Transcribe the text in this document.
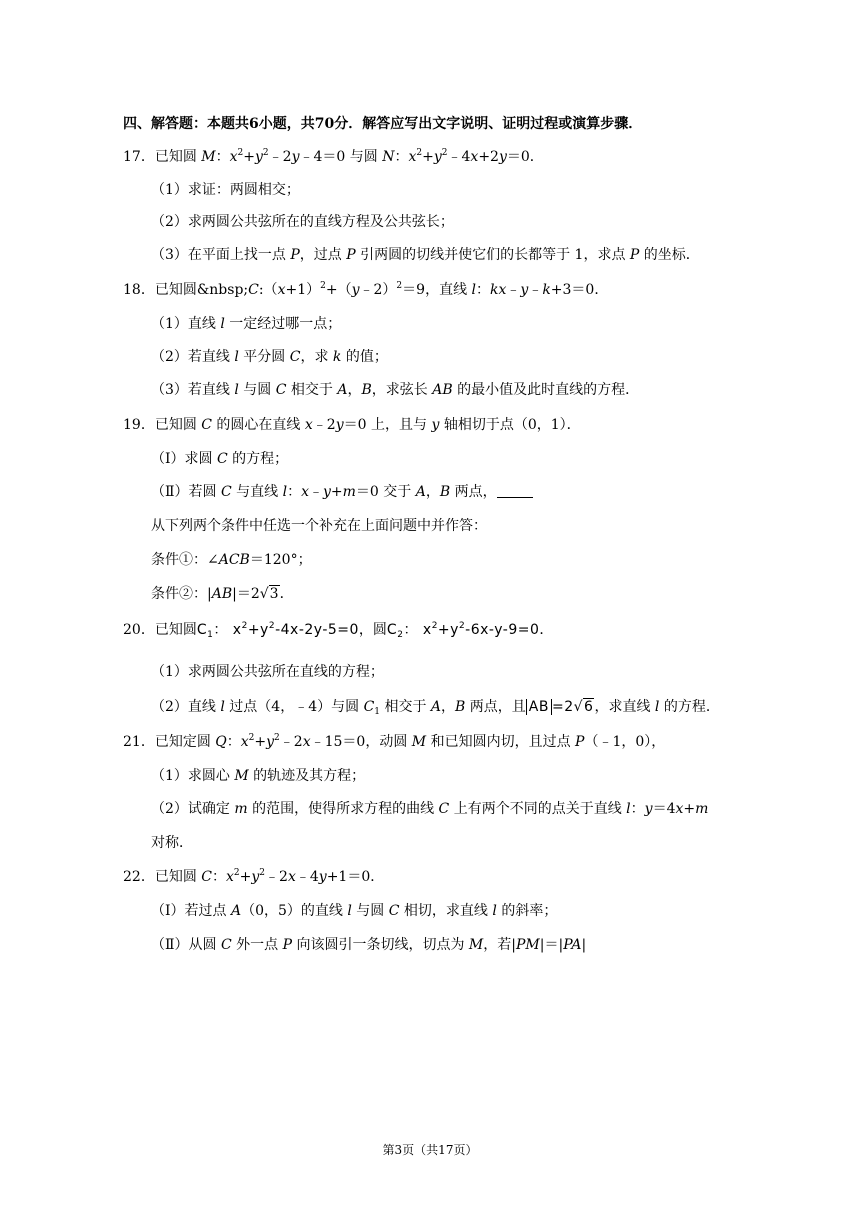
四、解答题：本题共6小题，共70分．解答应写出文字说明、证明过程或演算步骤．
17．已知圆 M：$x^2+y^2﹣2y﹣4=0$ 与圆 N：$x^2+y^2﹣4x+2y=0$．
（1）求证：两圆相交；
（2）求两圆公共弦所在的直线方程及公共弦长；
（3）在平面上找一点 P，过点 P 引两圆的切线并使它们的长都等于 1，求点 P 的坐标．
18．已知圆$\&nbsp;C:(x+1)^2+(y﹣2)^2=9$，直线 l：kx﹣y﹣k+3＝0．
（1）直线 l 一定经过哪一点；
（2）若直线 l 平分圆 C，求 k 的值；
（3）若直线 l 与圆 C 相交于 A，B，求弦长 AB 的最小值及此时直线的方程．
19．已知圆 C 的圆心在直线 x﹣2y＝0 上，且与 y 轴相切于点（0，1）．
（Ⅰ）求圆 C 的方程；
（Ⅱ）若圆 C 与直线 l：x﹣y+m＝0 交于 A，B 两点，
从下列两个条件中任选一个补充在上面问题中并作答：
条件①：∠ACB＝120°；
条件②：|AB|＝2√3．
20．已知圆$C_1$： $x^2+y^2-4x-2y-5=0$，圆$C_2$： $x^2+y^2-6x-y-9=0$．
（1）求两圆公共弦所在直线的方程；
（2）直线 l 过点（4，﹣4）与圆 $C_1$ 相交于 A，B 两点，且 AB =2√6，求直线 l 的方程．
21．已知定圆 Q：$x^2+y^2﹣2x﹣15=0$，动圆 M 和已知圆内切，且过点 P（﹣1，0），
（1）求圆心 M 的轨迹及其方程；
（2）试确定 m 的范围，使得所求方程的曲线 C 上有两个不同的点关于直线 l：y＝4x+m
对称．
22．已知圆 C：$x^2+y^2﹣2x﹣4y+1=0$．
（Ⅰ）若过点 A（0，5）的直线 l 与圆 C 相切，求直线 l 的斜率；
（Ⅱ）从圆 C 外一点 P 向该圆引一条切线，切点为 M，若|PM|＝|PA|
第3页（共17页）
